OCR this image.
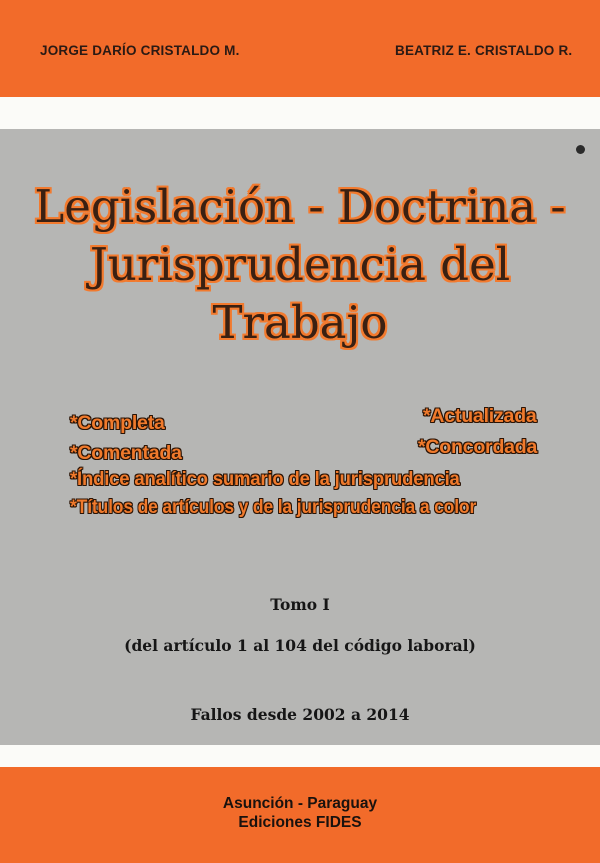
JORGE DARÍO CRISTALDO M.	BEATRIZ E. CRISTALDO R.
Legislación - Doctrina -
Jurisprudencia del
Trabajo
*Completa	*Actualizada
*Comentada	*Concordada
*Índice analítico sumario de la jurisprudencia
*Títulos de artículos y de la jurisprudencia a color
Tomo I
(del artículo 1 al 104 del código laboral)
Fallos desde 2002 a 2014
Asunción - Paraguay
Ediciones FIDES
